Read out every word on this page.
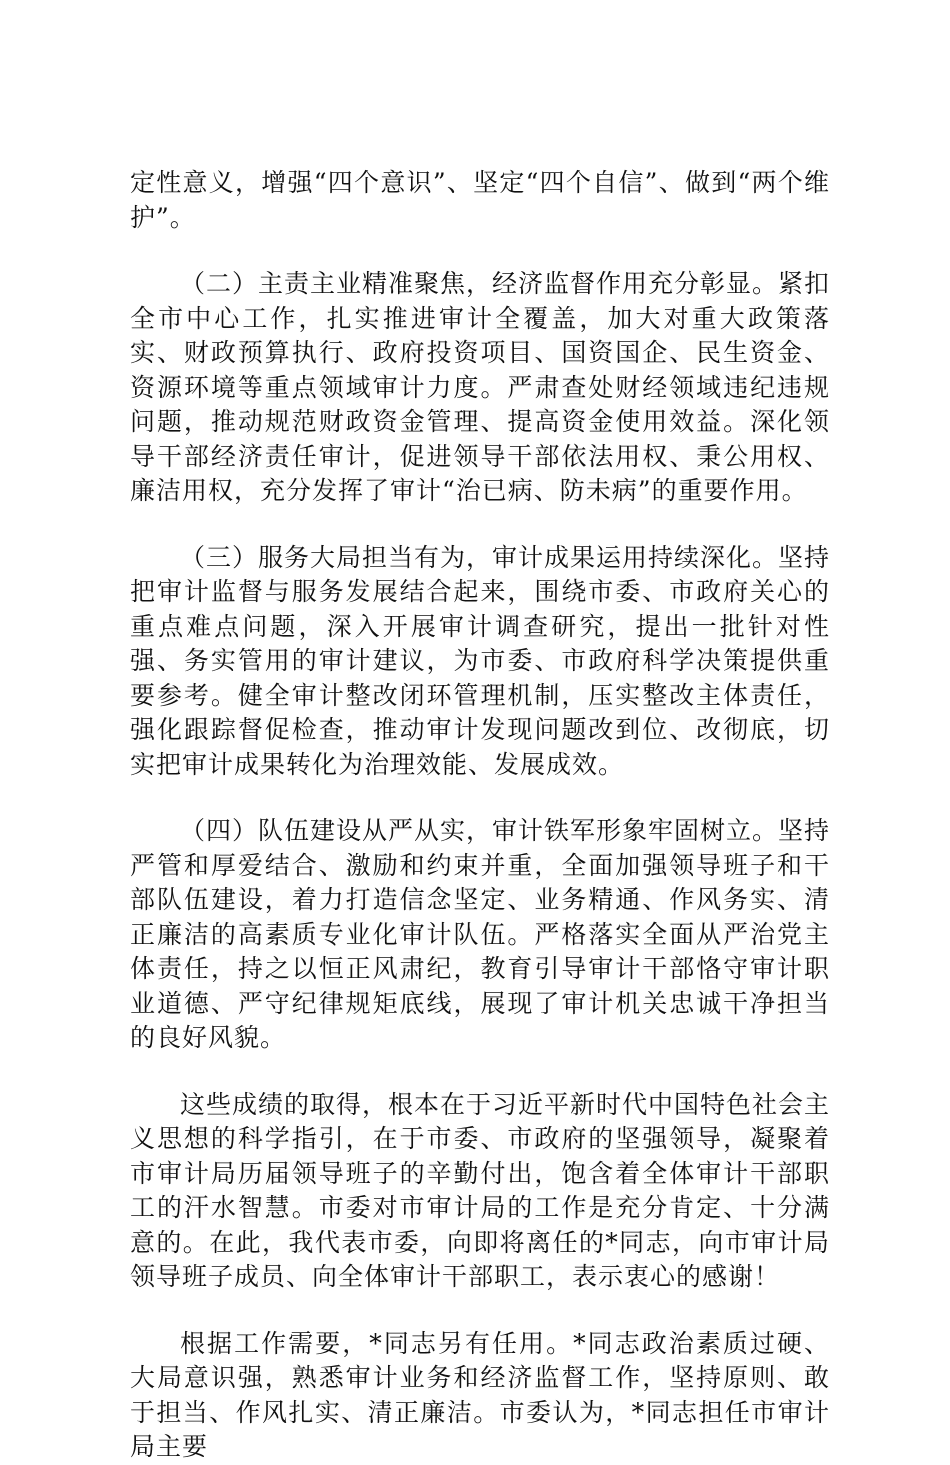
定性意义，增强“四个意识”、坚定“四个自信”、做到“两个维护”。

（二）主责主业精准聚焦，经济监督作用充分彰显。紧扣全市中心工作，扎实推进审计全覆盖，加大对重大政策落实、财政预算执行、政府投资项目、国资国企、民生资金、资源环境等重点领域审计力度。严肃查处财经领域违纪违规问题，推动规范财政资金管理、提高资金使用效益。深化领导干部经济责任审计，促进领导干部依法用权、秉公用权、廉洁用权，充分发挥了审计“治已病、防未病”的重要作用。

（三）服务大局担当有为，审计成果运用持续深化。坚持把审计监督与服务发展结合起来，围绕市委、市政府关心的重点难点问题，深入开展审计调查研究，提出一批针对性强、务实管用的审计建议，为市委、市政府科学决策提供重要参考。健全审计整改闭环管理机制，压实整改主体责任，强化跟踪督促检查，推动审计发现问题改到位、改彻底，切实把审计成果转化为治理效能、发展成效。

（四）队伍建设从严从实，审计铁军形象牢固树立。坚持严管和厚爱结合、激励和约束并重，全面加强领导班子和干部队伍建设，着力打造信念坚定、业务精通、作风务实、清正廉洁的高素质专业化审计队伍。严格落实全面从严治党主体责任，持之以恒正风肃纪，教育引导审计干部恪守审计职业道德、严守纪律规矩底线，展现了审计机关忠诚干净担当的良好风貌。

这些成绩的取得，根本在于习近平新时代中国特色社会主义思想的科学指引，在于市委、市政府的坚强领导，凝聚着市审计局历届领导班子的辛勤付出，饱含着全体审计干部职工的汗水智慧。市委对市审计局的工作是充分肯定、十分满意的。在此，我代表市委，向即将离任的*同志，向市审计局领导班子成员、向全体审计干部职工，表示衷心的感谢！

根据工作需要，*同志另有任用。*同志政治素质过硬、大局意识强，熟悉审计业务和经济监督工作，坚持原则、敢于担当、作风扎实、清正廉洁。市委认为，*同志担任市审计局主要
